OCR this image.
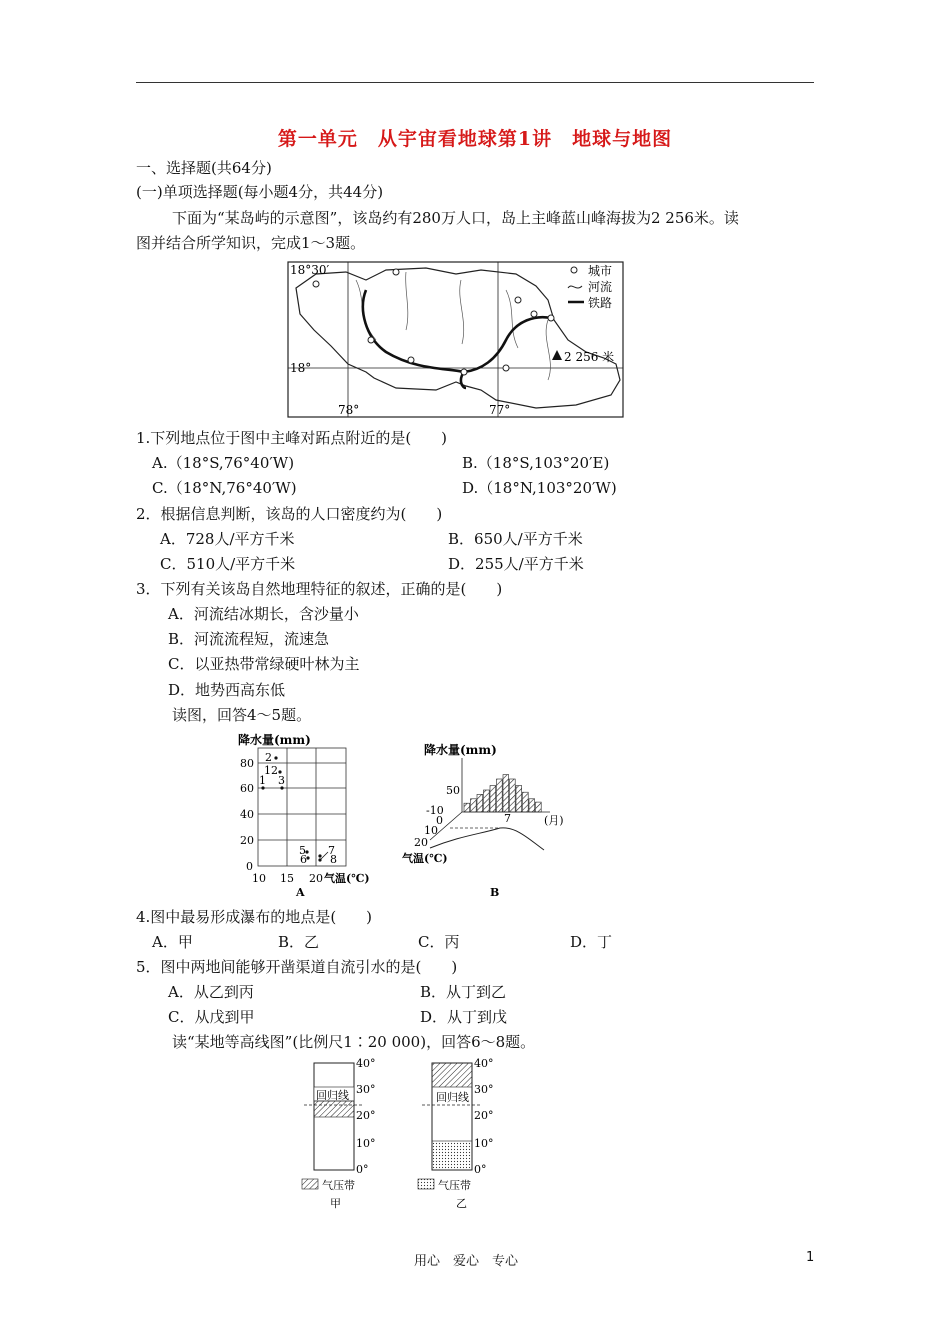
第一单元　从宇宙看地球第1讲　地球与地图
一、选择题(共64分)
(一)单项选择题(每小题4分，共44分)
下面为“某岛屿的示意图”，该岛约有280万人口，岛上主峰蓝山峰海拔为2 256米。读
图并结合所学知识，完成1～3题。
18°30′
18°
78°	77°
2 256 米
城市
河流
铁路
1.下列地点位于图中主峰对跖点附近的是(　　)
A.（18°S,76°40′W)	B.（18°S,103°20′E)
C.（18°N,76°40′W)	D.（18°N,103°20′W)
2．根据信息判断，该岛的人口密度约为(　　)
A．728人/平方千米	B．650人/平方千米
C．510人/平方千米	D．255人/平方千米
3．下列有关该岛自然地理特征的叙述，正确的是(　　)
A．河流结冰期长，含沙量小
B．河流流程短，流速急
C．以亚热带常绿硬叶林为主
D．地势西高东低
读图，回答4～5题。
降水量(mm)
80
60
40
20
0
10 15 20 气温(℃)
A
1
2
3
12
5
6
7
8
降水量(mm)
50
-10
0
10
20
7	(月)
气温(℃)
B
4.图中最易形成瀑布的地点是(　　)
A．甲	B．乙	C．丙	D．丁
5．图中两地间能够开凿渠道自流引水的是(　　)
A．从乙到丙	B．从丁到乙
C．从戊到甲	D．从丁到戊
读“某地等高线图”(比例尺1∶20 000)，回答6～8题。
回归线
40°
30°
20°
10°
0°
气压带
甲
回归线
40°
30°
20°
10°
0°
气压带
乙
用心　爱心　专心	1
